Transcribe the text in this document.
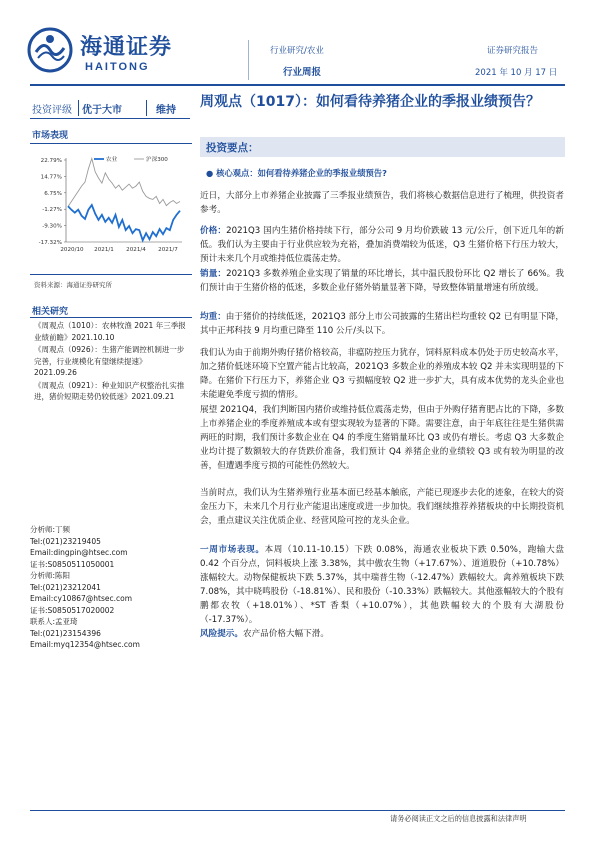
海通证券
HAITONG
行业研究/农业
行业周报
证券研究报告
2021 年 10 月 17 日
投资评级 优于大市	维持
周观点（1017）：如何看待养猪企业的季报业绩预告？
市场表现
22.79%
14.77%
6.75%
-1.27%
-9.30%
-17.32%
2020/10 2021/1 2021/4 2021/7
农业	沪深300
资料来源：海通证券研究所
相关研究
《周观点（1010）：农林牧渔 2021 年三季报业绩前瞻》2021.10.10
《周观点（0926）：生猪产能调控机制进一步完善，行业规模化有望继续提速》2021.09.26
《周观点（0921）：种业知识产权整治扎实推进，猪价短期走势仍较低迷》2021.09.21
分析师:丁频
Tel:(021)23219405
Email:dingpin@htsec.com
证书:S0850511050001
分析师:陈阳
Tel:(021)23212041
Email:cy10867@htsec.com
证书:S0850517020002
联系人:孟亚琦
Tel:(021)23154396
Email:myq12354@htsec.com
投资要点：
● 核心观点：如何看待养猪企业的季报业绩预告?
近日，大部分上市养猪企业披露了三季报业绩预告，我们将核心数据信息进行了梳理，供投资者参考。
价格：2021Q3 国内生猪价格持续下行，部分公司 9 月均价跌破 13 元/公斤，创下近几年的新低。我们认为主要由于行业供应较为充裕，叠加消费端较为低迷，Q3 生猪价格下行压力较大，预计未来几个月或维持低位震荡走势。
销量：2021Q3 多数养殖企业实现了销量的环比增长，其中温氏股份环比 Q2 增长了 66%。我们预计由于生猪价格的低迷，多数企业仔猪外销量显著下降，导致整体销量增速有所放缓。
均重：由于猪价的持续低迷，2021Q3 部分上市公司披露的生猪出栏均重较 Q2 已有明显下降，其中正邦科技 9 月均重已降至 110 公斤/头以下。
我们认为由于前期外购仔猪价格较高，非瘟防控压力犹存，饲料原料成本仍处于历史较高水平，加之猪价低迷环境下空置产能占比较高，2021Q3 多数企业的养殖成本较 Q2 并未实现明显的下降。在猪价下行压力下，养猪企业 Q3 亏损幅度较 Q2 进一步扩大，具有成本优势的龙头企业也未能避免季度亏损的情形。
展望 2021Q4，我们判断国内猪价或维持低位震荡走势，但由于外购仔猪育肥占比的下降，多数上市养猪企业的季度养殖成本或有望实现较为显著的下降。需要注意，由于年底往往是生猪供需两旺的时期，我们预计多数企业在 Q4 的季度生猪销量环比 Q3 或仍有增长。考虑 Q3 大多数企业均计提了数额较大的存货跌价准备，我们预计 Q4 养猪企业的业绩较 Q3 或有较为明显的改善，但遭遇季度亏损的可能性仍然较大。
当前时点，我们认为生猪养殖行业基本面已经基本触底，产能已现逐步去化的迹象，在较大的资金压力下，未来几个月行业产能退出速度或进一步加快。我们继续推荐养猪板块的中长期投资机会，重点建议关注优质企业、经营风险可控的龙头企业。
一周市场表现。本周（10.11-10.15）下跌 0.08%，海通农业板块下跌 0.50%，跑输大盘 0.42 个百分点，饲料板块上涨 3.38%，其中傲农生物（+17.67%）、道道股份（+10.78%）涨幅较大。动物保健板块下跌 5.37%，其中瑞普生物（-12.47%）跌幅较大。禽养殖板块下跌 7.08%，其中晓鸣股份（-18.81%）、民和股份（-10.33%）跌幅较大。其他涨幅较大的个股有鹏都农牧（+18.01%）、*ST 香梨（+10.07%），其他跌幅较大的个股有大湖股份（-17.37%）。
风险提示。农产品价格大幅下滑。
请务必阅读正文之后的信息披露和法律声明
